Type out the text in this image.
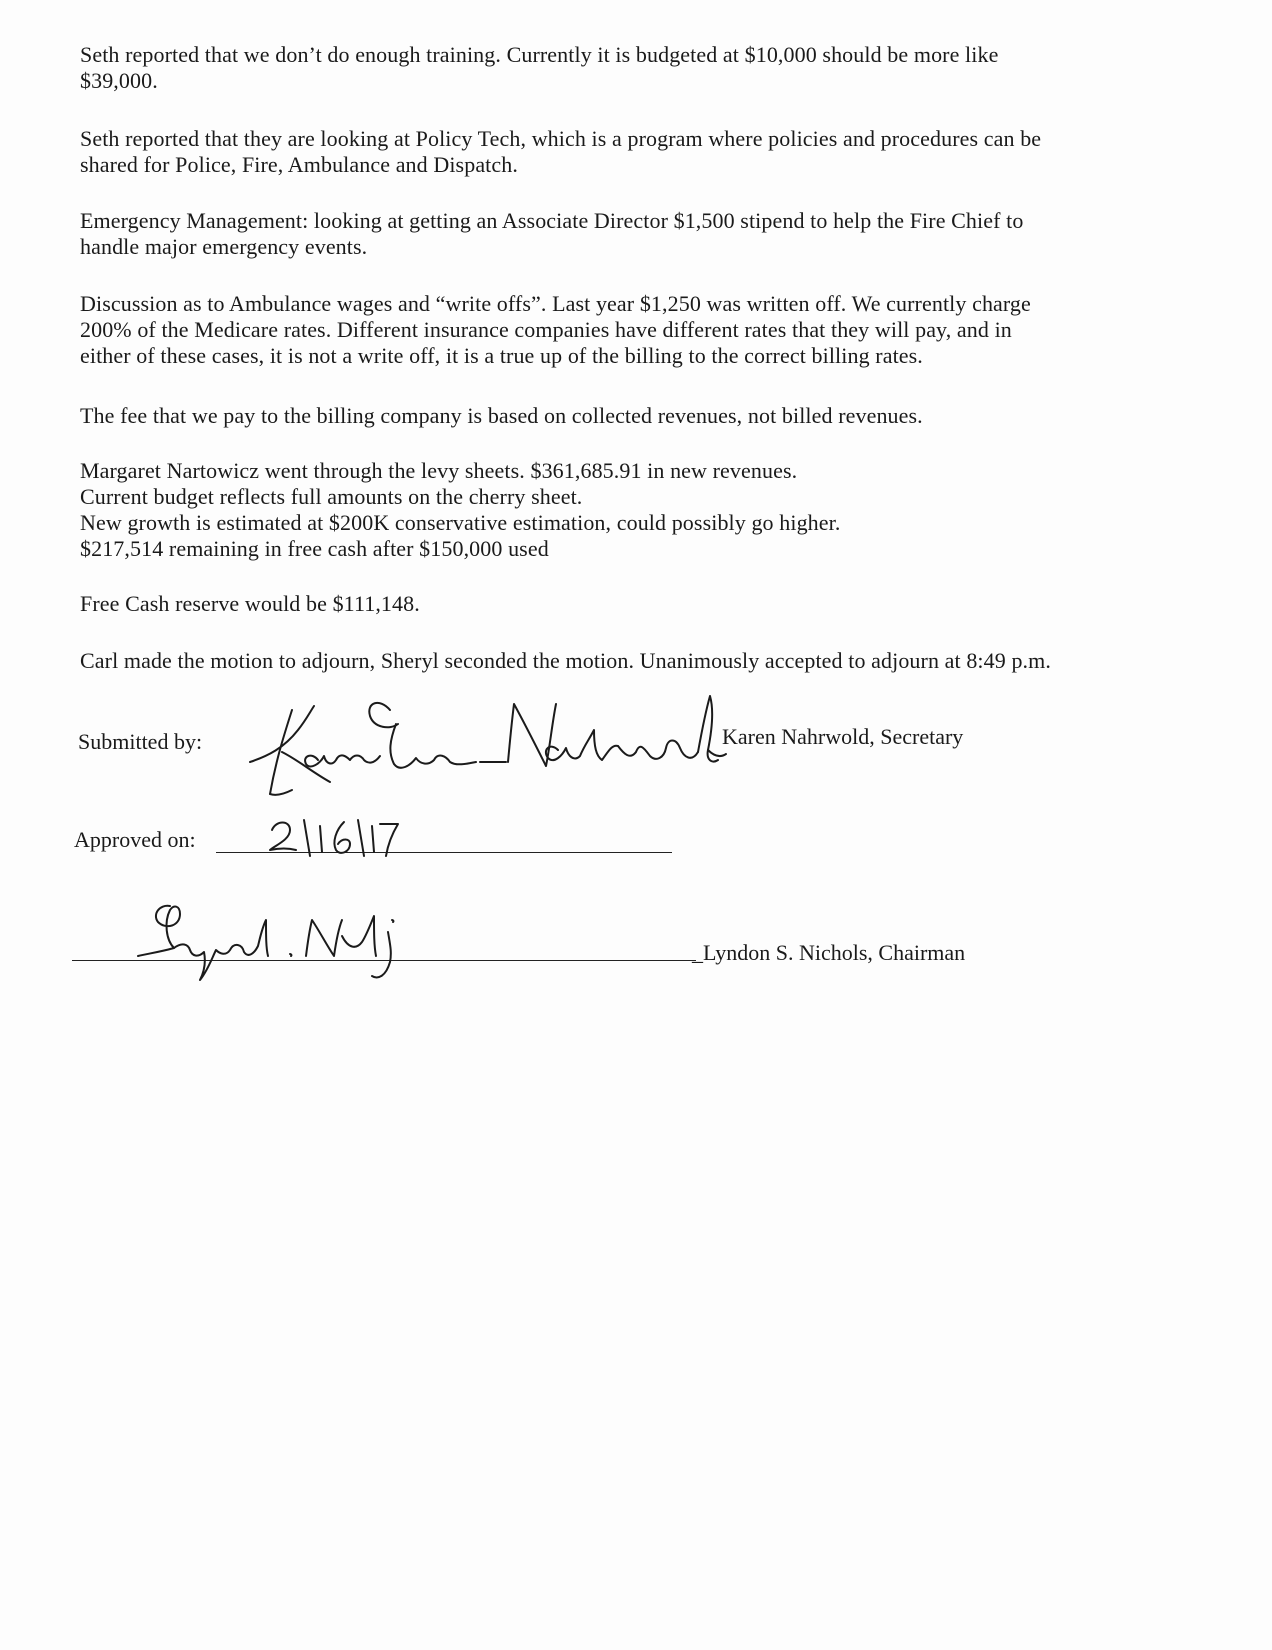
Seth reported that we don’t do enough training. Currently it is budgeted at $10,000 should be more like
$39,000.

Seth reported that they are looking at Policy Tech, which is a program where policies and procedures can be
shared for Police, Fire, Ambulance and Dispatch.

Emergency Management: looking at getting an Associate Director $1,500 stipend to help the Fire Chief to
handle major emergency events.

Discussion as to Ambulance wages and “write offs”. Last year $1,250 was written off. We currently charge
200% of the Medicare rates. Different insurance companies have different rates that they will pay, and in
either of these cases, it is not a write off, it is a true up of the billing to the correct billing rates.

The fee that we pay to the billing company is based on collected revenues, not billed revenues.

Margaret Nartowicz went through the levy sheets. $361,685.91 in new revenues.
Current budget reflects full amounts on the cherry sheet.
New growth is estimated at $200K conservative estimation, could possibly go higher.
$217,514 remaining in free cash after $150,000 used

Free Cash reserve would be $111,148.

Carl made the motion to adjourn, Sheryl seconded the motion. Unanimously accepted to adjourn at 8:49 p.m.

Submitted by:	Karen Nahrwold, Secretary
Approved on:
_Lyndon S. Nichols, Chairman
